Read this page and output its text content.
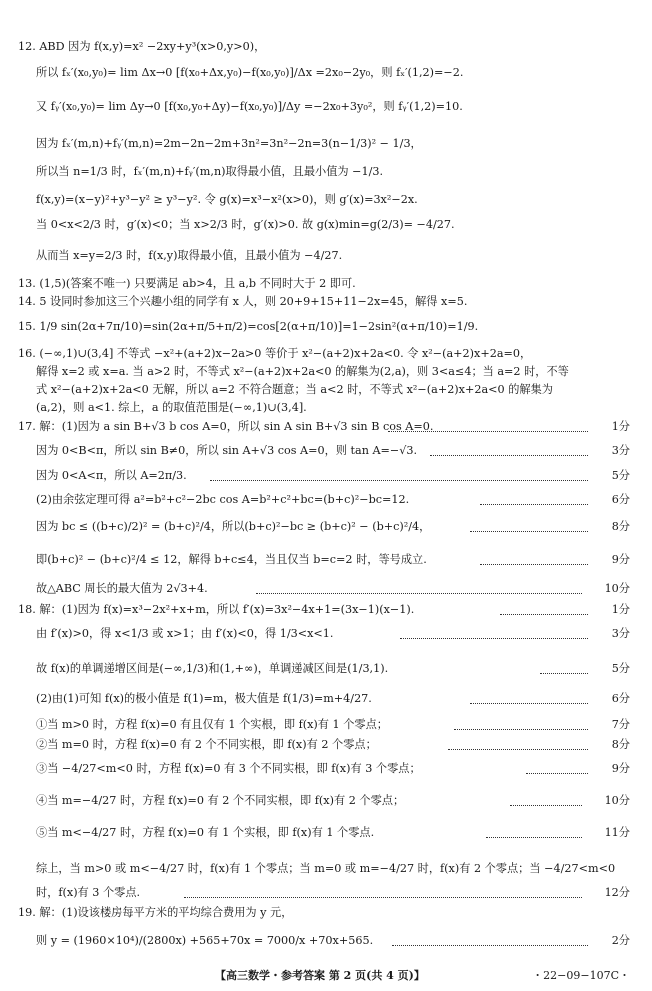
12. ABD 因为 f(x,y)=x² −2xy+y³(x>0,y>0)，
所以 fₓ′(x₀,y₀)= lim Δx→0 [f(x₀+Δx,y₀)−f(x₀,y₀)]/Δx =2x₀−2y₀，则 fₓ′(1,2)=−2.
又 fᵧ′(x₀,y₀)= lim Δy→0 [f(x₀,y₀+Δy)−f(x₀,y₀)]/Δy =−2x₀+3y₀²，则 fᵧ′(1,2)=10.
因为 fₓ′(m,n)+fᵧ′(m,n)=2m−2n−2m+3n²=3n²−2n=3(n−1/3)² − 1/3，
所以当 n=1/3 时，fₓ′(m,n)+fᵧ′(m,n)取得最小值，且最小值为 −1/3.
f(x,y)=(x−y)²+y³−y² ≥ y³−y². 令 g(x)=x³−x²(x>0)，则 g′(x)=3x²−2x.
当 0<x<2/3 时，g′(x)<0；当 x>2/3 时，g′(x)>0. 故 g(x)min=g(2/3)= −4/27.
从而当 x=y=2/3 时，f(x,y)取得最小值，且最小值为 −4/27.
13. (1,5)(答案不唯一) 只要满足 ab>4，且 a,b 不同时大于 2 即可.
14. 5 设同时参加这三个兴趣小组的同学有 x 人，则 20+9+15+11−2x=45，解得 x=5.
15. 1/9 sin(2α+7π/10)=sin(2α+π/5+π/2)=cos[2(α+π/10)]=1−2sin²(α+π/10)=1/9.
16. (−∞,1)∪(3,4] 不等式 −x²+(a+2)x−2a>0 等价于 x²−(a+2)x+2a<0. 令 x²−(a+2)x+2a=0，
解得 x=2 或 x=a. 当 a>2 时，不等式 x²−(a+2)x+2a<0 的解集为(2,a)，则 3<a≤4；当 a=2 时，不等
式 x²−(a+2)x+2a<0 无解，所以 a=2 不符合题意；当 a<2 时，不等式 x²−(a+2)x+2a<0 的解集为
(a,2)，则 a<1. 综上，a 的取值范围是(−∞,1)∪(3,4].
17. 解：(1)因为 a sin B+√3 b cos A=0，所以 sin A sin B+√3 sin B cos A=0.
因为 0<B<π，所以 sin B≠0，所以 sin A+√3 cos A=0，则 tan A=−√3.
因为 0<A<π，所以 A=2π/3.
(2)由余弦定理可得 a²=b²+c²−2bc cos A=b²+c²+bc=(b+c)²−bc=12.
因为 bc ≤ ((b+c)/2)² = (b+c)²/4，所以(b+c)²−bc ≥ (b+c)² − (b+c)²/4，
即(b+c)² − (b+c)²/4 ≤ 12，解得 b+c≤4，当且仅当 b=c=2 时，等号成立.
故△ABC 周长的最大值为 2√3+4.
18. 解：(1)因为 f(x)=x³−2x²+x+m，所以 f′(x)=3x²−4x+1=(3x−1)(x−1).
由 f′(x)>0，得 x<1/3 或 x>1；由 f′(x)<0，得 1/3<x<1.
故 f(x)的单调递增区间是(−∞,1/3)和(1,+∞)，单调递减区间是(1/3,1).
(2)由(1)可知 f(x)的极小值是 f(1)=m，极大值是 f(1/3)=m+4/27.
①当 m>0 时，方程 f(x)=0 有且仅有 1 个实根，即 f(x)有 1 个零点；
②当 m=0 时，方程 f(x)=0 有 2 个不同实根，即 f(x)有 2 个零点；
③当 −4/27<m<0 时，方程 f(x)=0 有 3 个不同实根，即 f(x)有 3 个零点；
④当 m=−4/27 时，方程 f(x)=0 有 2 个不同实根，即 f(x)有 2 个零点；
⑤当 m<−4/27 时，方程 f(x)=0 有 1 个实根，即 f(x)有 1 个零点.
综上，当 m>0 或 m<−4/27 时，f(x)有 1 个零点；当 m=0 或 m=−4/27 时，f(x)有 2 个零点；当 −4/27<m<0
时，f(x)有 3 个零点.
19. 解：(1)设该楼房每平方米的平均综合费用为 y 元，
则 y = (1960×10⁴)/(2800x) +565+70x = 7000/x +70x+565.
1分
3分
5分
6分
8分
9分
10分
1分
3分
5分
6分
7分
8分
9分
10分
11分
12分
2分
【高三数学・参考答案 第 2 页(共 4 页)】	・22−09−107C・
